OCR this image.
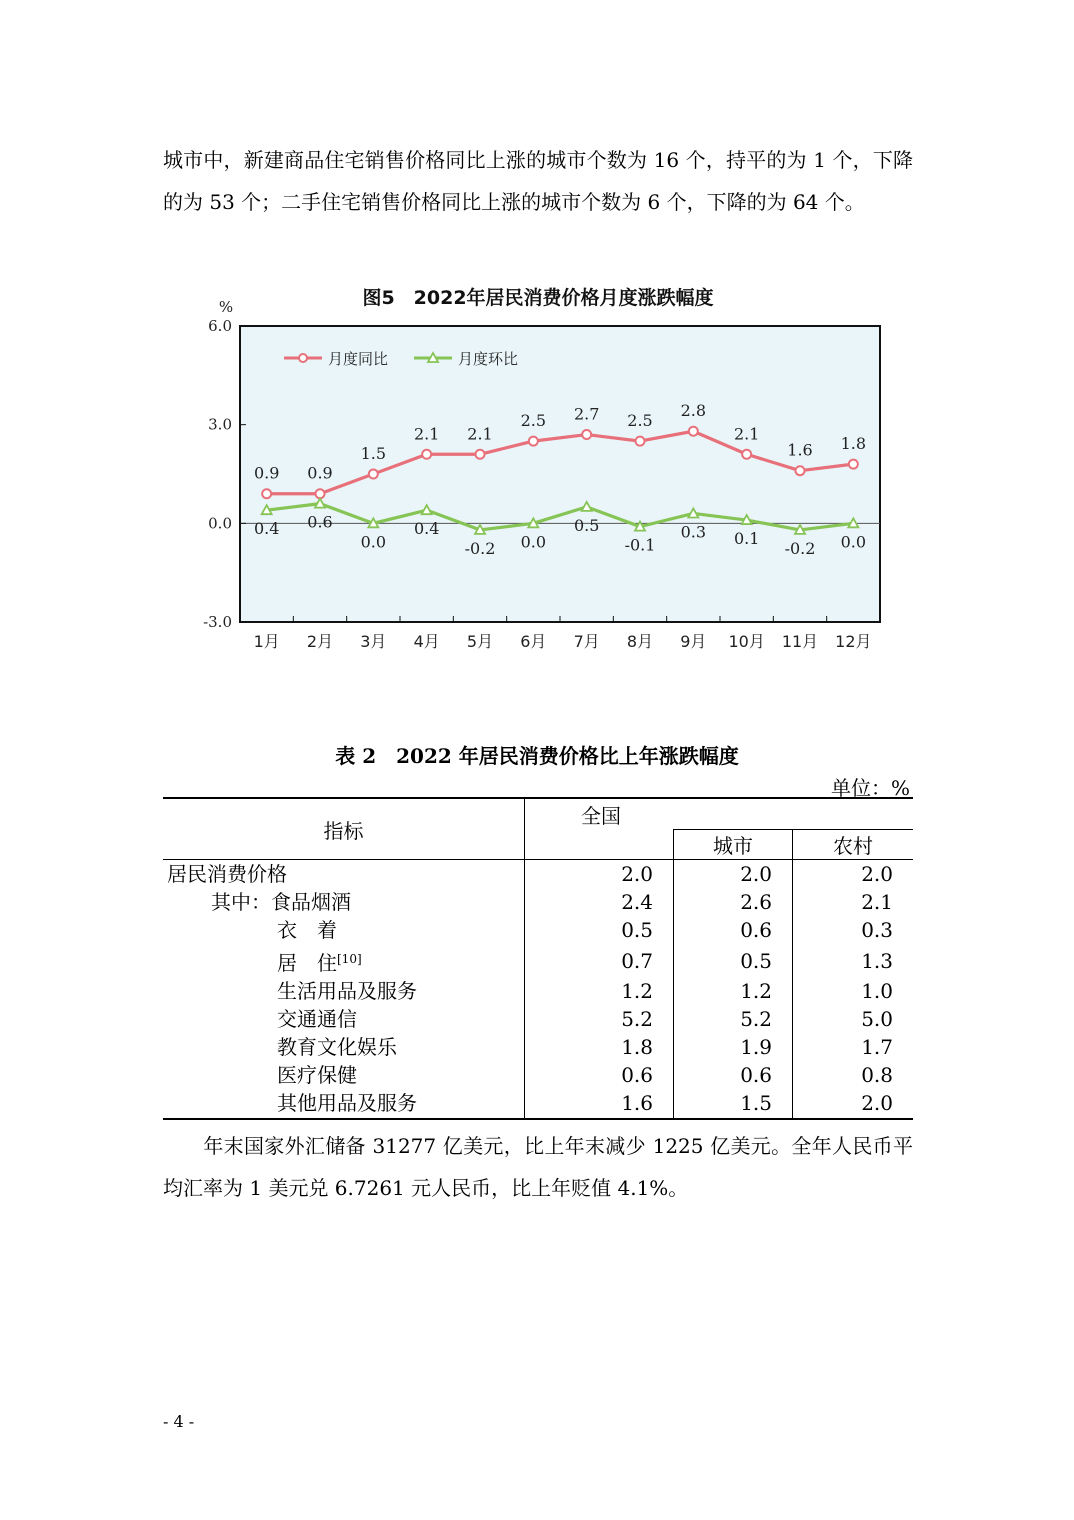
城市中，新建商品住宅销售价格同比上涨的城市个数为 16 个，持平的为 1 个，下降的为 53 个；二手住宅销售价格同比上涨的城市个数为 6 个，下降的为 64 个。
图5　2022年居民消费价格月度涨跌幅度
%
6.0
3.0
0.0
-3.0
1月 2月 3月 4月 5月 6月 7月 8月 9月 10月 11月 12月
0.9 0.9
1.5
2.1 2.1
2.5 2.7 2.5
2.8
2.1
1.6 1.8
0.4 0.6
0.0
0.4
-0.2 0.0
0.5
-0.1
0.3 0.1
-0.2 0.0
月度同比	月度环比
表 2　2022 年居民消费价格比上年涨跌幅度
单位：%
指标	全国		
		城市	农村
居民消费价格	2.0	2.0	2.0
其中：食品烟酒	2.4	2.6	2.1
衣　着	0.5	0.6	0.3
居　住[10]	0.7	0.5	1.3
生活用品及服务	1.2	1.2	1.0
交通通信	5.2	5.2	5.0
教育文化娱乐	1.8	1.9	1.7
医疗保健	0.6	0.6	0.8
其他用品及服务	1.6	1.5	2.0
年末国家外汇储备 31277 亿美元，比上年末减少 1225 亿美元。全年人民币平均汇率为 1 美元兑 6.7261 元人民币，比上年贬值 4.1%。
- 4 -
